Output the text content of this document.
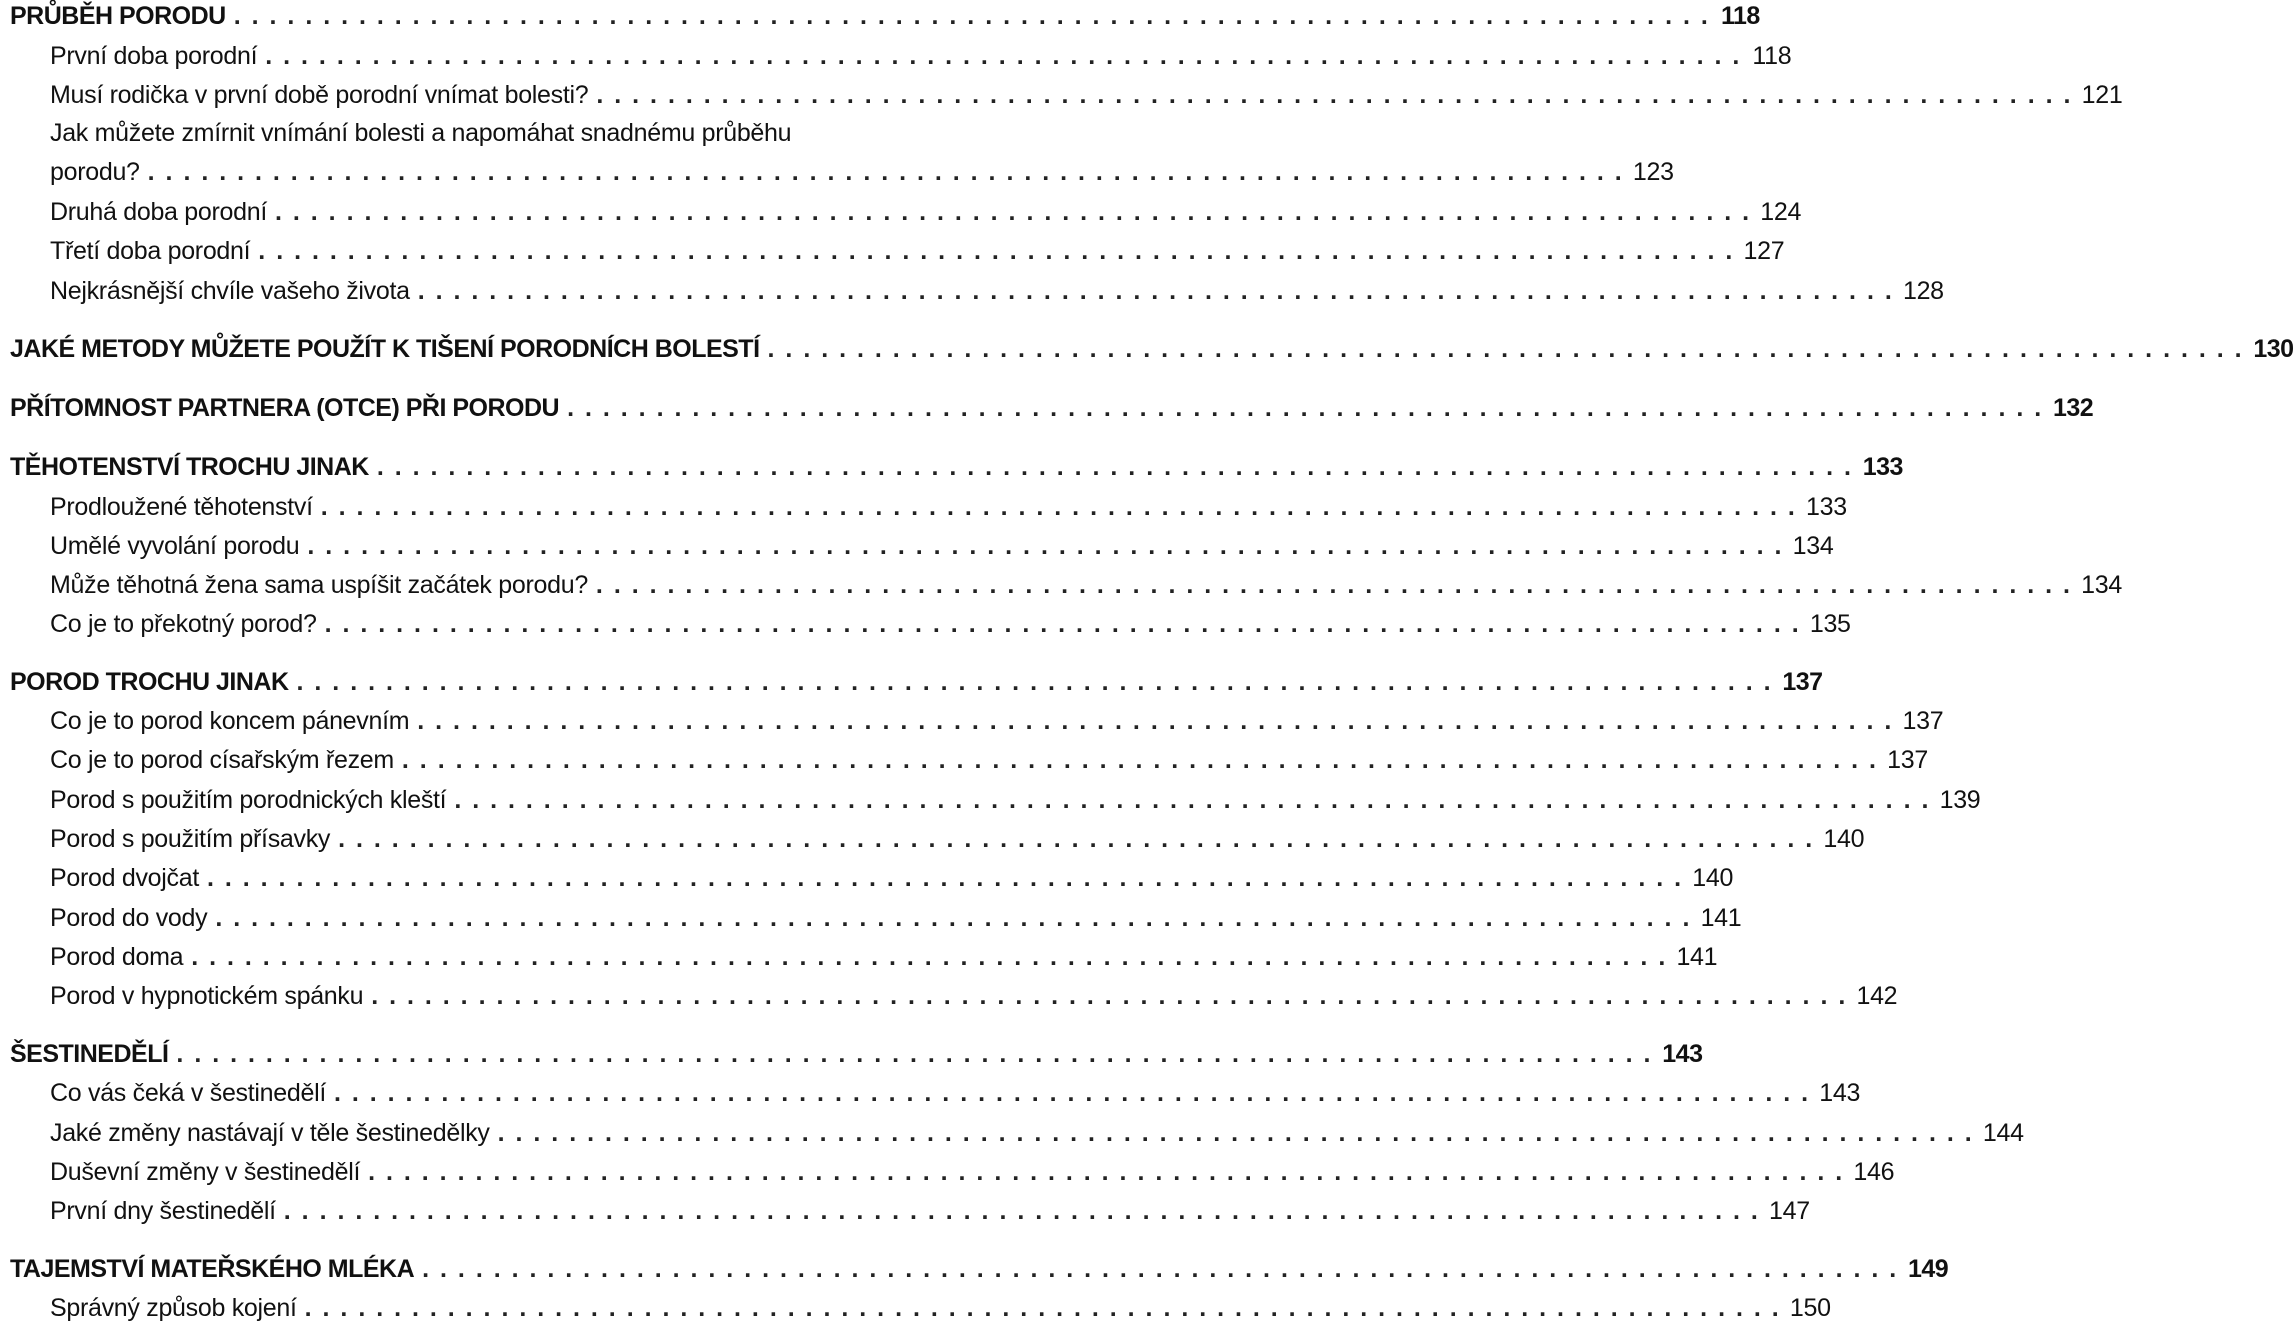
PRŮBĚH PORODU . . .	118
První doba porodní . . .	118
Musí rodička v první době porodní vnímat bolesti? . . .	121
Jak můžete zmírnit vnímání bolesti a napomáhat snadnému průběhu
porodu? . . .	123
Druhá doba porodní . . .	124
Třetí doba porodní . . .	127
Nejkrásnější chvíle vašeho života . . .	128
JAKÉ METODY MŮŽETE POUŽÍT K TIŠENÍ PORODNÍCH BOLESTÍ . . .	130
PŘÍTOMNOST PARTNERA (OTCE) PŘI PORODU . . .	132
TĚHOTENSTVÍ TROCHU JINAK . . .	133
Prodloužené těhotenství . . .	133
Umělé vyvolání porodu . . .	134
Může těhotná žena sama uspíšit začátek porodu? . . .	134
Co je to překotný porod? . . .	135
POROD TROCHU JINAK . . .	137
Co je to porod koncem pánevním . . .	137
Co je to porod císařským řezem . . .	137
Porod s použitím porodnických kleští . . .	139
Porod s použitím přísavky . . .	140
Porod dvojčat . . .	140
Porod do vody . . .	141
Porod doma . . .	141
Porod v hypnotickém spánku . . .	142
ŠESTINEDĚLÍ . . .	143
Co vás čeká v šestinedělí . . .	143
Jaké změny nastávají v těle šestinedělky . . .	144
Duševní změny v šestinedělí . . .	146
První dny šestinedělí . . .	147
TAJEMSTVÍ MATEŘSKÉHO MLÉKA . . .	149
Správný způsob kojení . . .	150
